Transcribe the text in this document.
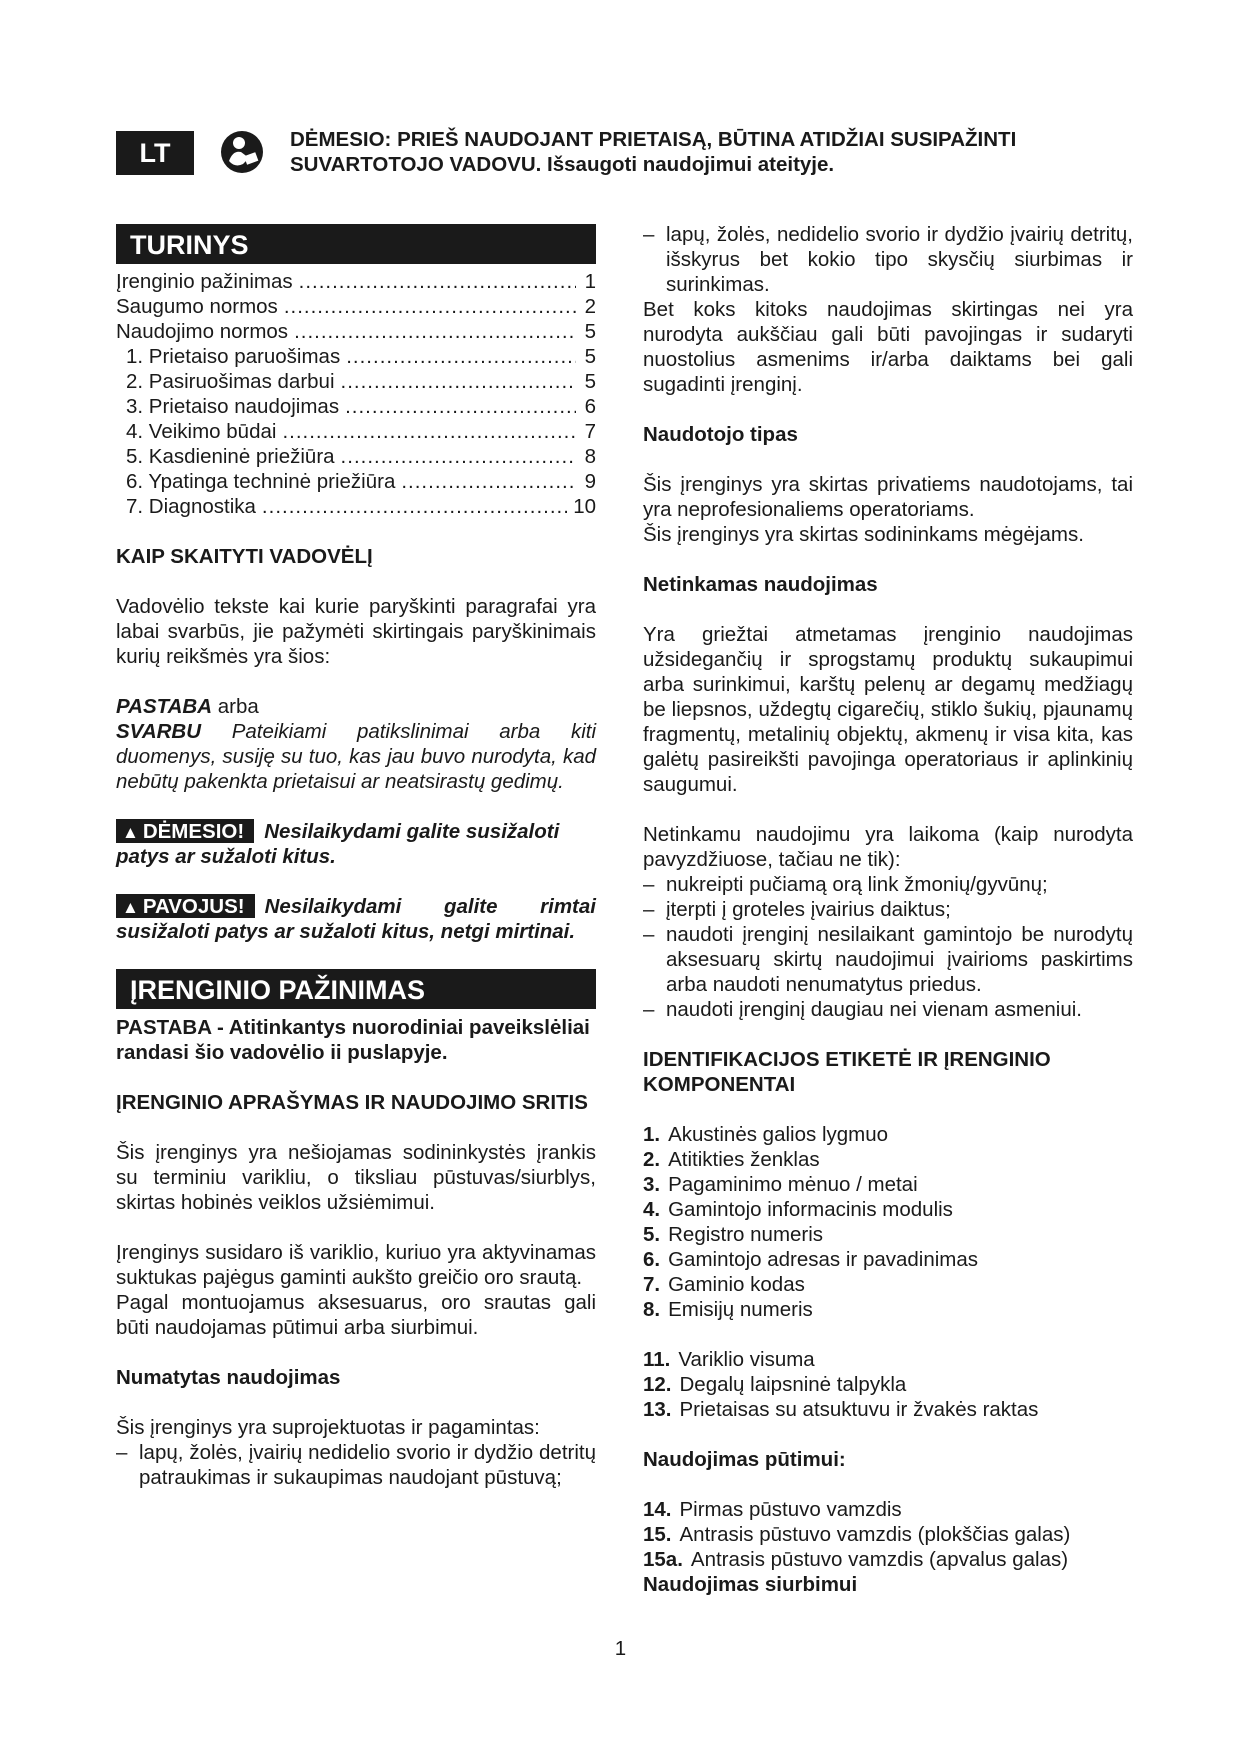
LT	DĖMESIO: PRIEŠ NAUDOJANT PRIETAISĄ, BŪTINA ATIDŽIAI SUSIPAŽINTI
SUVARTOTOJO VADOVU. Išsaugoti naudojimui ateityje.
TURINYS
Įrenginio pažinimas .....	1
Saugumo normos .....	2
Naudojimo normos .....	5
1. Prietaiso paruošimas .....	5
2. Pasiruošimas darbui .....	5
3. Prietaiso naudojimas .....	6
4. Veikimo būdai .....	7
5. Kasdieninė priežiūra .....	8
6. Ypatinga techninė priežiūra .....	9
7. Diagnostika .....	10

KAIP SKAITYTI VADOVĖLĮ

Vadovėlio tekste kai kurie paryškinti paragrafai yra labai svarbūs, jie pažymėti skirtingais paryškinimais kurių reikšmės yra šios:

PASTABA arba

SVARBU Pateikiami patikslinimai arba kiti duomenys, susiję su tuo, kas jau buvo nurodyta, kad nebūtų pakenkta prietaisui ar neatsirastų gedimų.

▲ DĖMESIO! Nesilaikydami galite susižaloti patys ar sužaloti kitus.

▲ PAVOJUS! Nesilaikydami galite rimtai susižaloti patys ar sužaloti kitus, netgi mirtinai.

ĮRENGINIO PAŽINIMAS

PASTABA - Atitinkantys nuorodiniai paveikslėliai randasi šio vadovėlio ii puslapyje.

ĮRENGINIO APRAŠYMAS IR NAUDOJIMO SRITIS

Šis įrenginys yra nešiojamas sodininkystės įrankis su terminiu varikliu, o tiksliau pūstuvas/siurblys, skirtas hobinės veiklos užsiėmimui.

Įrenginys susidaro iš variklio, kuriuo yra aktyvinamas suktukas pajėgus gaminti aukšto greičio oro srautą.

Pagal montuojamus aksesuarus, oro srautas gali būti naudojamas pūtimui arba siurbimui.

Numatytas naudojimas

Šis įrenginys yra suprojektuotas ir pagamintas:

– lapų, žolės, įvairių nedidelio svorio ir dydžio detritų patraukimas ir sukaupimas naudojant pūstuvą;
– lapų, žolės, nedidelio svorio ir dydžio įvairių detritų, išskyrus bet kokio tipo skysčių siurbimas ir surinkimas.

Bet koks kitoks naudojimas skirtingas nei yra nurodyta aukščiau gali būti pavojingas ir sudaryti nuostolius asmenims ir/arba daiktams bei gali sugadinti įrenginį.

Naudotojo tipas

Šis įrenginys yra skirtas privatiems naudotojams, tai yra neprofesionaliems operatoriams.

Šis įrenginys yra skirtas sodininkams mėgėjams.

Netinkamas naudojimas

Yra griežtai atmetamas įrenginio naudojimas užsidegančių ir sprogstamų produktų sukaupimui arba surinkimui, karštų pelenų ar degamų medžiagų be liepsnos, uždegtų cigarečių, stiklo šukių, pjaunamų fragmentų, metalinių objektų, akmenų ir visa kita, kas galėtų pasireikšti pavojinga operatoriaus ir aplinkinių saugumui.

Netinkamu naudojimu yra laikoma (kaip nurodyta pavyzdžiuose, tačiau ne tik):

– nukreipti pučiamą orą link žmonių/gyvūnų;
– įterpti į groteles įvairius daiktus;
– naudoti įrenginį nesilaikant gamintojo be nurodytų aksesuarų skirtų naudojimui įvairioms paskirtims arba naudoti nenumatytus priedus.
– naudoti įrenginį daugiau nei vienam asmeniui.

IDENTIFIKACIJOS ETIKETĖ IR ĮRENGINIO KOMPONENTAI

1. Akustinės galios lygmuo
2. Atitikties ženklas
3. Pagaminimo mėnuo / metai
4. Gamintojo informacinis modulis
5. Registro numeris
6. Gamintojo adresas ir pavadinimas
7. Gaminio kodas
8. Emisijų numeris
11. Variklio visuma
12. Degalų laipsninė talpykla
13. Prietaisas su atsuktuvu ir žvakės raktas

Naudojimas pūtimui:

14. Pirmas pūstuvo vamzdis
15. Antrasis pūstuvo vamzdis (plokščias galas)
15a. Antrasis pūstuvo vamzdis (apvalus galas)

Naudojimas siurbimui

1
